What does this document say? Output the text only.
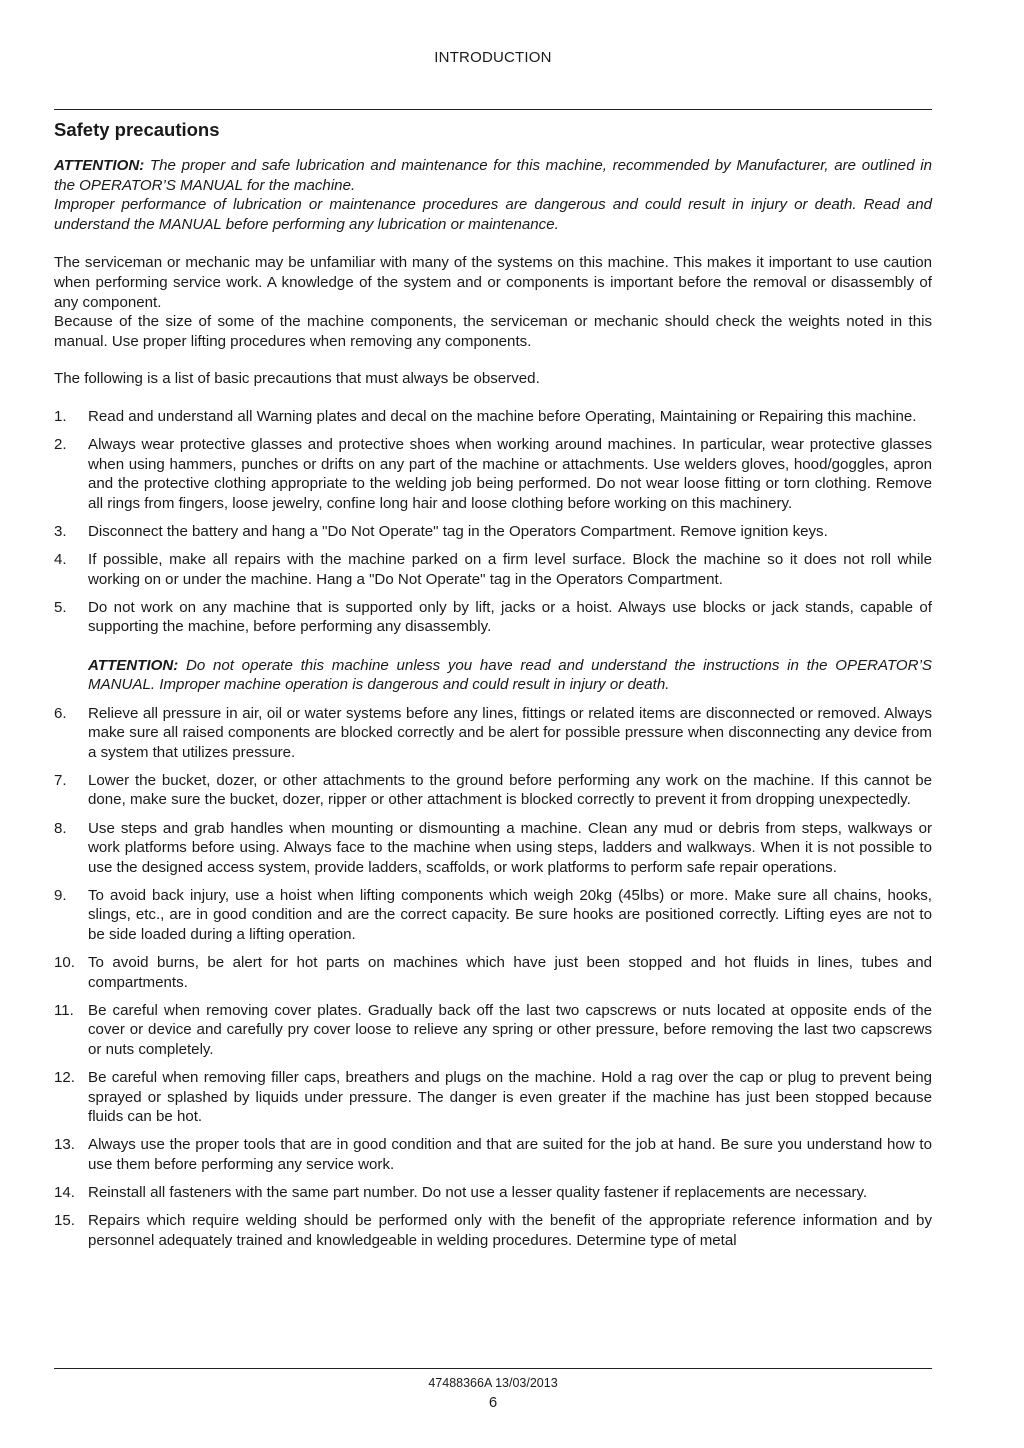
INTRODUCTION
Safety precautions

ATTENTION: The proper and safe lubrication and maintenance for this machine, recommended by Manufacturer, are outlined in the OPERATOR’S MANUAL for the machine.
Improper performance of lubrication or maintenance procedures are dangerous and could result in injury or death. Read and understand the MANUAL before performing any lubrication or maintenance.

The serviceman or mechanic may be unfamiliar with many of the systems on this machine. This makes it important to use caution when performing service work. A knowledge of the system and or components is important before the removal or disassembly of any component.
Because of the size of some of the machine components, the serviceman or mechanic should check the weights noted in this manual. Use proper lifting procedures when removing any components.

The following is a list of basic precautions that must always be observed.

1. Read and understand all Warning plates and decal on the machine before Operating, Maintaining or Repairing this machine.
2. Always wear protective glasses and protective shoes when working around machines. In particular, wear protective glasses when using hammers, punches or drifts on any part of the machine or attachments. Use welders gloves, hood/goggles, apron and the protective clothing appropriate to the welding job being performed. Do not wear loose fitting or torn clothing. Remove all rings from fingers, loose jewelry, confine long hair and loose clothing before working on this machinery.
3. Disconnect the battery and hang a "Do Not Operate" tag in the Operators Compartment. Remove ignition keys.
4. If possible, make all repairs with the machine parked on a firm level surface. Block the machine so it does not roll while working on or under the machine. Hang a "Do Not Operate" tag in the Operators Compartment.
5. Do not work on any machine that is supported only by lift, jacks or a hoist. Always use blocks or jack stands, capable of supporting the machine, before performing any disassembly.
ATTENTION: Do not operate this machine unless you have read and understand the instructions in the OPERATOR’S MANUAL. Improper machine operation is dangerous and could result in injury or death.
6. Relieve all pressure in air, oil or water systems before any lines, fittings or related items are disconnected or removed. Always make sure all raised components are blocked correctly and be alert for possible pressure when disconnecting any device from a system that utilizes pressure.
7. Lower the bucket, dozer, or other attachments to the ground before performing any work on the machine. If this cannot be done, make sure the bucket, dozer, ripper or other attachment is blocked correctly to prevent it from dropping unexpectedly.
8. Use steps and grab handles when mounting or dismounting a machine. Clean any mud or debris from steps, walkways or work platforms before using. Always face to the machine when using steps, ladders and walkways. When it is not possible to use the designed access system, provide ladders, scaffolds, or work platforms to perform safe repair operations.
9. To avoid back injury, use a hoist when lifting components which weigh 20kg (45lbs) or more. Make sure all chains, hooks, slings, etc., are in good condition and are the correct capacity. Be sure hooks are positioned correctly. Lifting eyes are not to be side loaded during a lifting operation.
10. To avoid burns, be alert for hot parts on machines which have just been stopped and hot fluids in lines, tubes and compartments.
11. Be careful when removing cover plates. Gradually back off the last two capscrews or nuts located at opposite ends of the cover or device and carefully pry cover loose to relieve any spring or other pressure, before removing the last two capscrews or nuts completely.
12. Be careful when removing filler caps, breathers and plugs on the machine. Hold a rag over the cap or plug to prevent being sprayed or splashed by liquids under pressure. The danger is even greater if the machine has just been stopped because fluids can be hot.
13. Always use the proper tools that are in good condition and that are suited for the job at hand. Be sure you understand how to use them before performing any service work.
14. Reinstall all fasteners with the same part number. Do not use a lesser quality fastener if replacements are necessary.
15. Repairs which require welding should be performed only with the benefit of the appropriate reference information and by personnel adequately trained and knowledgeable in welding procedures. Determine type of metal
47488366A 13/03/2013
6
